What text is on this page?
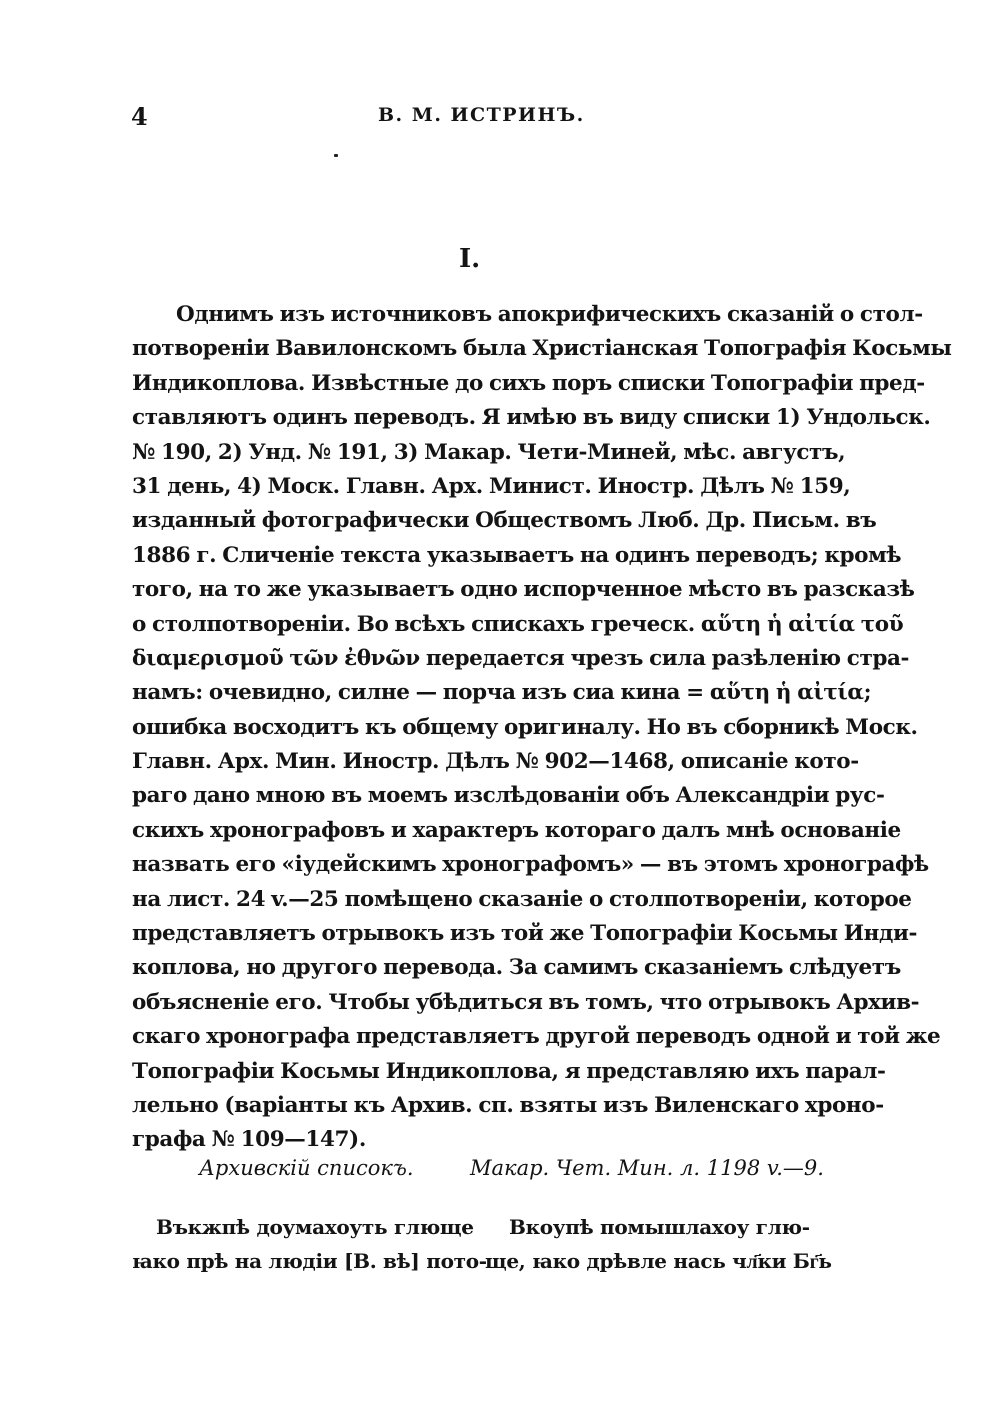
4	В. М. ИСТРИНЪ.
I.
Однимъ изъ источниковъ апокрифическихъ сказаній о стол-
потвореніи Вавилонскомъ была Христіанская Топографія Косьмы
Индикоплова. Извѣстные до сихъ поръ списки Топографіи пред-
ставляютъ одинъ переводъ. Я имѣю въ виду списки 1) Ундольск.
№ 190, 2) Унд. № 191, 3) Макар. Чети-Миней, мѣс. августъ,
31 день, 4) Моск. Главн. Арх. Минист. Иностр. Дѣлъ № 159,
изданный фотографически Обществомъ Люб. Др. Письм. въ
1886 г. Сличеніе текста указываетъ на одинъ переводъ; кромѣ
того, на то же указываетъ одно испорченное мѣсто въ разсказѣ
о столпотвореніи. Во всѣхъ спискахъ греческ. αὕτη ἡ αἰτία τοῦ
διαμερισμοῦ τῶν ἐθνῶν передается чрезъ сила разѣленію стра-
намъ: очевидно, силне — порча изъ сиа кина = αὕτη ἡ αἰτία;
ошибка восходитъ къ общему оригиналу. Но въ сборникѣ Моск.
Главн. Арх. Мин. Иностр. Дѣлъ № 902—1468, описаніе кото-
раго дано мною въ моемъ изслѣдованіи объ Александріи рус-
скихъ хронографовъ и характеръ котораго далъ мнѣ основаніе
назвать его «іудейскимъ хронографомъ» — въ этомъ хронографѣ
на лист. 24 v.—25 помѣщено сказаніе о столпотвореніи, которое
представляетъ отрывокъ изъ той же Топографіи Косьмы Инди-
коплова, но другого перевода. За самимъ сказаніемъ слѣдуетъ
объясненіе его. Чтобы убѣдиться въ томъ, что отрывокъ Архив-
скаго хронографа представляетъ другой переводъ одной и той же
Топографіи Косьмы Индикоплова, я представляю ихъ парал-
лельно (варіанты къ Архив. сп. взяты изъ Виленскаго хроно-
графа № 109—147).
Архивскій списокъ.	Макар. Чет. Мин. л. 1198 v.—9.
Въкжпѣ доумахоуть глюще
ꙗко прѣ на людiи [В. вѣ] пото-
Вкоупѣ помышлахоу глю-
ще, ꙗко дрѣвле нась чл҃ки Бг҃ь
